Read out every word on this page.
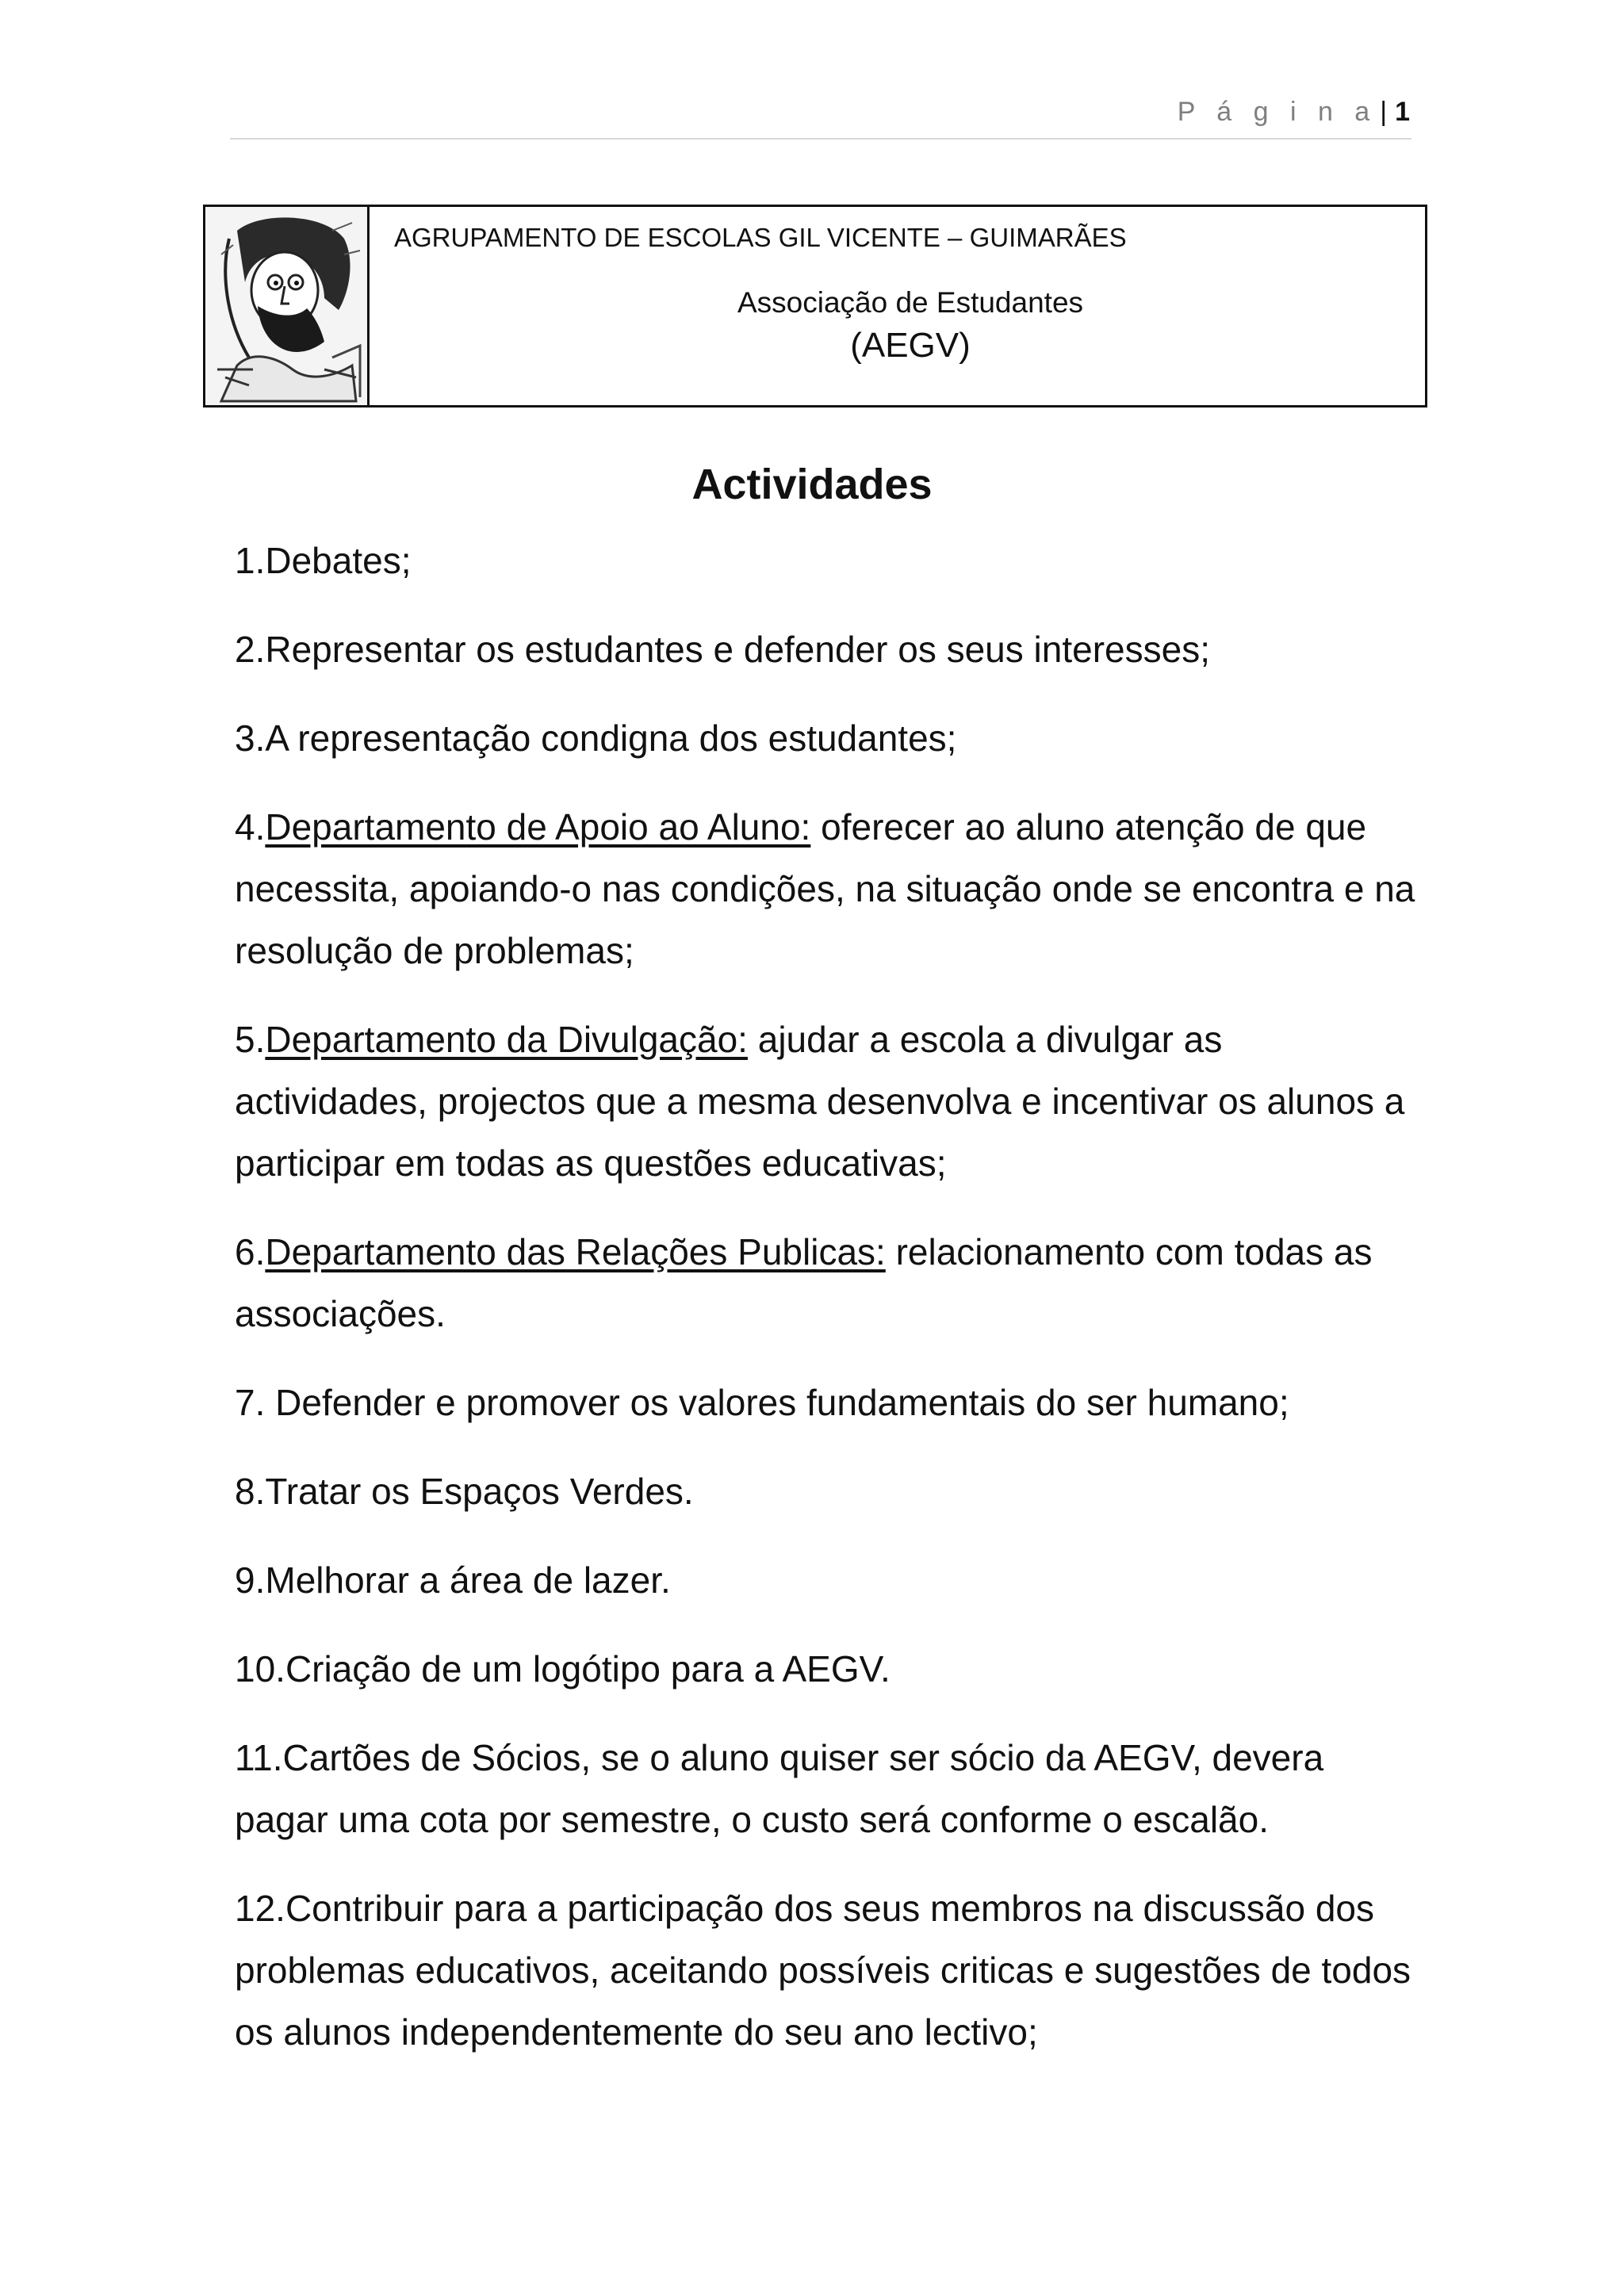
P á g i n a | 1
AGRUPAMENTO DE ESCOLAS GIL VICENTE – GUIMARÃES
Associação de Estudantes
(AEGV)
Actividades
1.Debates;
2.Representar os estudantes e defender os seus interesses;
3.A representação condigna dos estudantes;
4.Departamento de Apoio ao Aluno: oferecer ao aluno atenção de que necessita, apoiando-o nas condições, na situação onde se encontra e na resolução de problemas;
5.Departamento da Divulgação: ajudar a escola a divulgar as actividades, projectos que a mesma desenvolva e incentivar os alunos a participar em todas as questões educativas;
6.Departamento das Relações Publicas: relacionamento com todas as associações.
7. Defender e promover os valores fundamentais do ser humano;
8.Tratar os Espaços Verdes.
9.Melhorar a área de lazer.
10.Criação de um logótipo para a AEGV.
11.Cartões de Sócios, se o aluno quiser ser sócio da AEGV, devera pagar uma cota por semestre, o custo será conforme o escalão.
12.Contribuir para a participação dos seus membros na discussão dos problemas educativos, aceitando possíveis criticas e sugestões de todos os alunos independentemente do seu ano lectivo;
